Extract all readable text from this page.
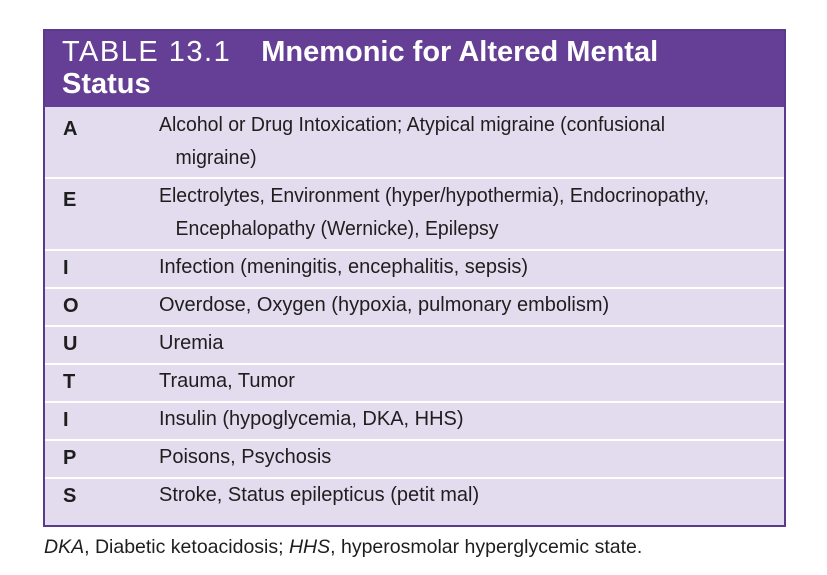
TABLE 13.1 Mnemonic for Altered Mental
Status
A	Alcohol or Drug Intoxication; Atypical migraine (confusional
migraine)
E	Electrolytes, Environment (hyper/hypothermia), Endocrinopathy,
Encephalopathy (Wernicke), Epilepsy
I	Infection (meningitis, encephalitis, sepsis)
O	Overdose, Oxygen (hypoxia, pulmonary embolism)
U	Uremia
T	Trauma, Tumor
I	Insulin (hypoglycemia, DKA, HHS)
P	Poisons, Psychosis
S	Stroke, Status epilepticus (petit mal)
DKA, Diabetic ketoacidosis; HHS, hyperosmolar hyperglycemic state.
